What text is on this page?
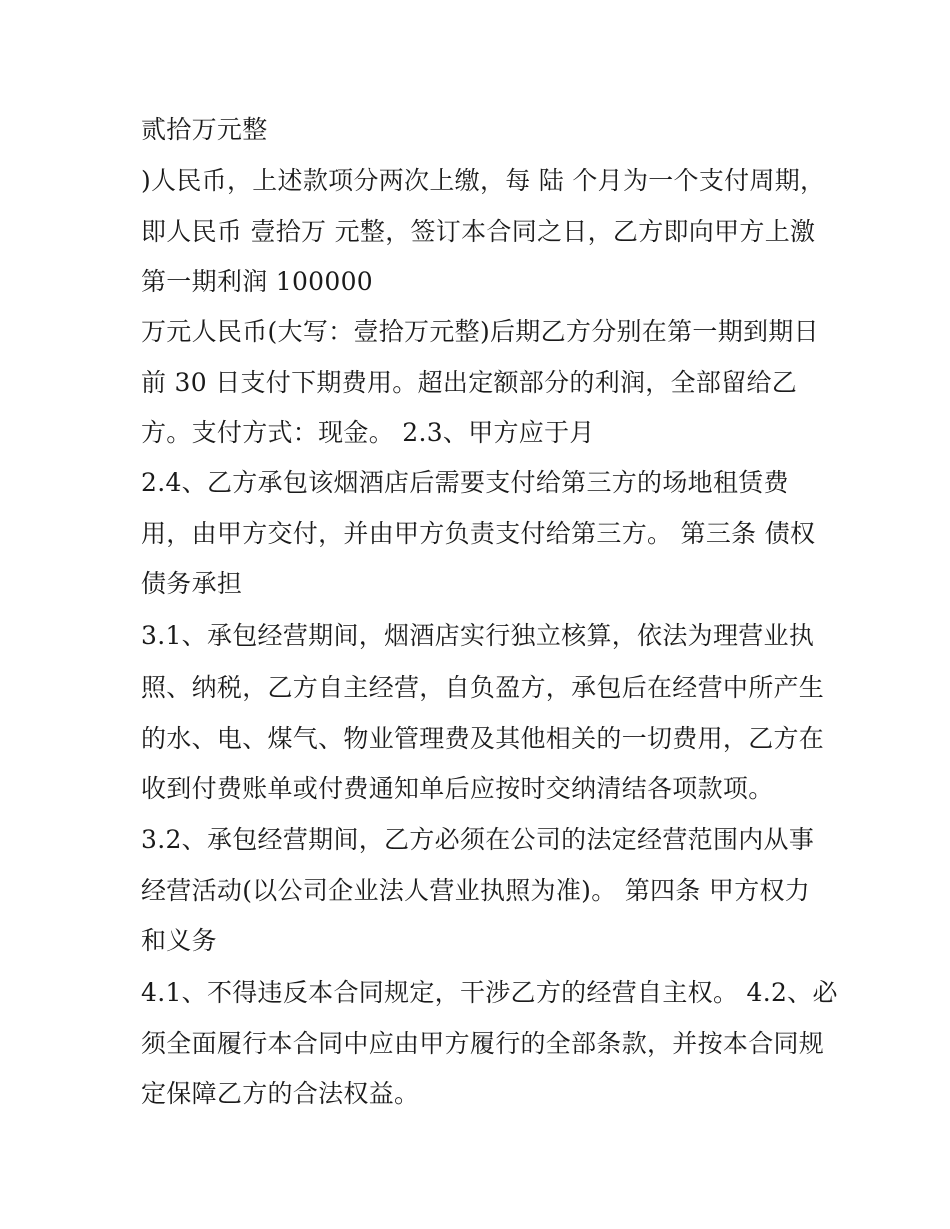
贰拾万元整
)人民币，上述款项分两次上缴，每 陆 个月为一个支付周期，
即人民币 壹拾万 元整，签订本合同之日，乙方即向甲方上激
第一期利润 100000
万元人民币(大写：壹拾万元整)后期乙方分别在第一期到期日
前 30 日支付下期费用。超出定额部分的利润，全部留给乙
方。支付方式：现金。 2.3、甲方应于月
2.4、乙方承包该烟酒店后需要支付给第三方的场地租赁费
用，由甲方交付，并由甲方负责支付给第三方。 第三条 债权
债务承担
3.1、承包经营期间，烟酒店实行独立核算，依法为理营业执
照、纳税，乙方自主经营，自负盈方，承包后在经营中所产生
的水、电、煤气、物业管理费及其他相关的一切费用，乙方在
收到付费账单或付费通知单后应按时交纳清结各项款项。
3.2、承包经营期间，乙方必须在公司的法定经营范围内从事
经营活动(以公司企业法人营业执照为准)。 第四条 甲方权力
和义务
4.1、不得违反本合同规定，干涉乙方的经营自主权。 4.2、必
须全面履行本合同中应由甲方履行的全部条款，并按本合同规
定保障乙方的合法权益。
